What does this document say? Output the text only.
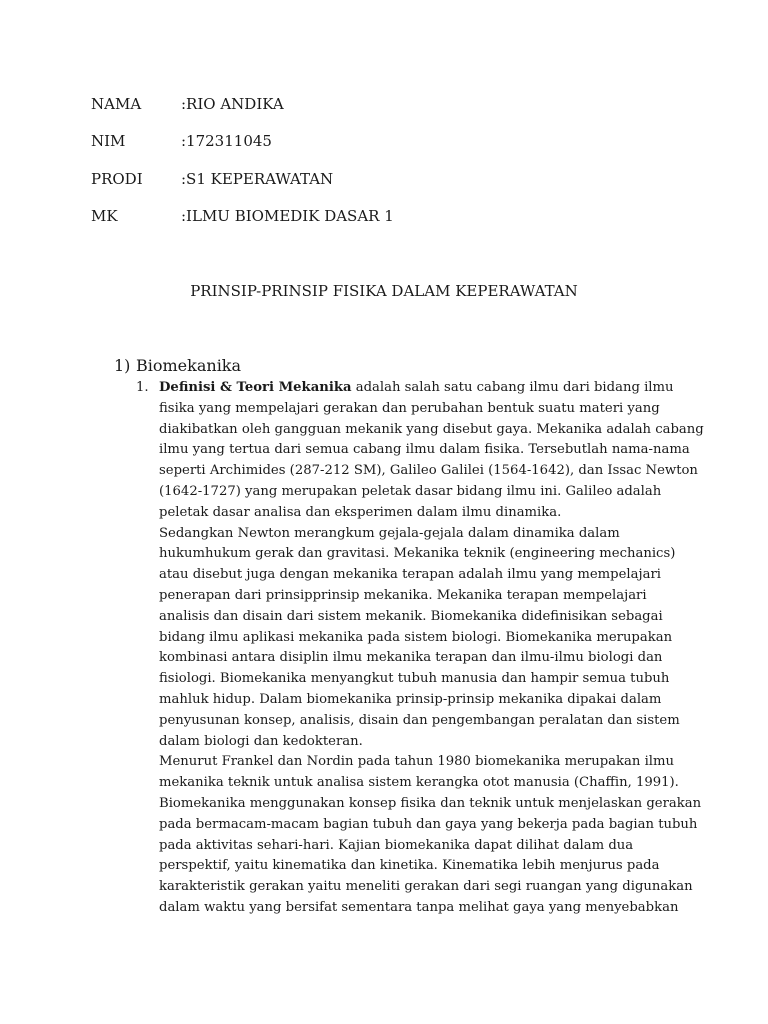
NAMA	:RIO ANDIKA
NIM	:172311045
PRODI	:S1 KEPERAWATAN
MK	:ILMU BIOMEDIK DASAR 1
PRINSIP-PRINSIP FISIKA DALAM KEPERAWATAN
1) Biomekanika
1. Definisi & Teori Mekanika adalah salah satu cabang ilmu dari bidang ilmu
fisika yang mempelajari gerakan dan perubahan bentuk suatu materi yang
diakibatkan oleh gangguan mekanik yang disebut gaya. Mekanika adalah cabang
ilmu yang tertua dari semua cabang ilmu dalam fisika. Tersebutlah nama-nama
seperti Archimides (287-212 SM), Galileo Galilei (1564-1642), dan Issac Newton
(1642-1727) yang merupakan peletak dasar bidang ilmu ini. Galileo adalah
peletak dasar analisa dan eksperimen dalam ilmu dinamika.
Sedangkan Newton merangkum gejala-gejala dalam dinamika dalam
hukumhukum gerak dan gravitasi. Mekanika teknik (engineering mechanics)
atau disebut juga dengan mekanika terapan adalah ilmu yang mempelajari
penerapan dari prinsipprinsip mekanika. Mekanika terapan mempelajari
analisis dan disain dari sistem mekanik. Biomekanika didefinisikan sebagai
bidang ilmu aplikasi mekanika pada sistem biologi. Biomekanika merupakan
kombinasi antara disiplin ilmu mekanika terapan dan ilmu-ilmu biologi dan
fisiologi. Biomekanika menyangkut tubuh manusia dan hampir semua tubuh
mahluk hidup. Dalam biomekanika prinsip-prinsip mekanika dipakai dalam
penyusunan konsep, analisis, disain dan pengembangan peralatan dan sistem
dalam biologi dan kedokteran.
Menurut Frankel dan Nordin pada tahun 1980 biomekanika merupakan ilmu
mekanika teknik untuk analisa sistem kerangka otot manusia (Chaffin, 1991).
Biomekanika menggunakan konsep fisika dan teknik untuk menjelaskan gerakan
pada bermacam-macam bagian tubuh dan gaya yang bekerja pada bagian tubuh
pada aktivitas sehari-hari. Kajian biomekanika dapat dilihat dalam dua
perspektif, yaitu kinematika dan kinetika. Kinematika lebih menjurus pada
karakteristik gerakan yaitu meneliti gerakan dari segi ruangan yang digunakan
dalam waktu yang bersifat sementara tanpa melihat gaya yang menyebabkan
